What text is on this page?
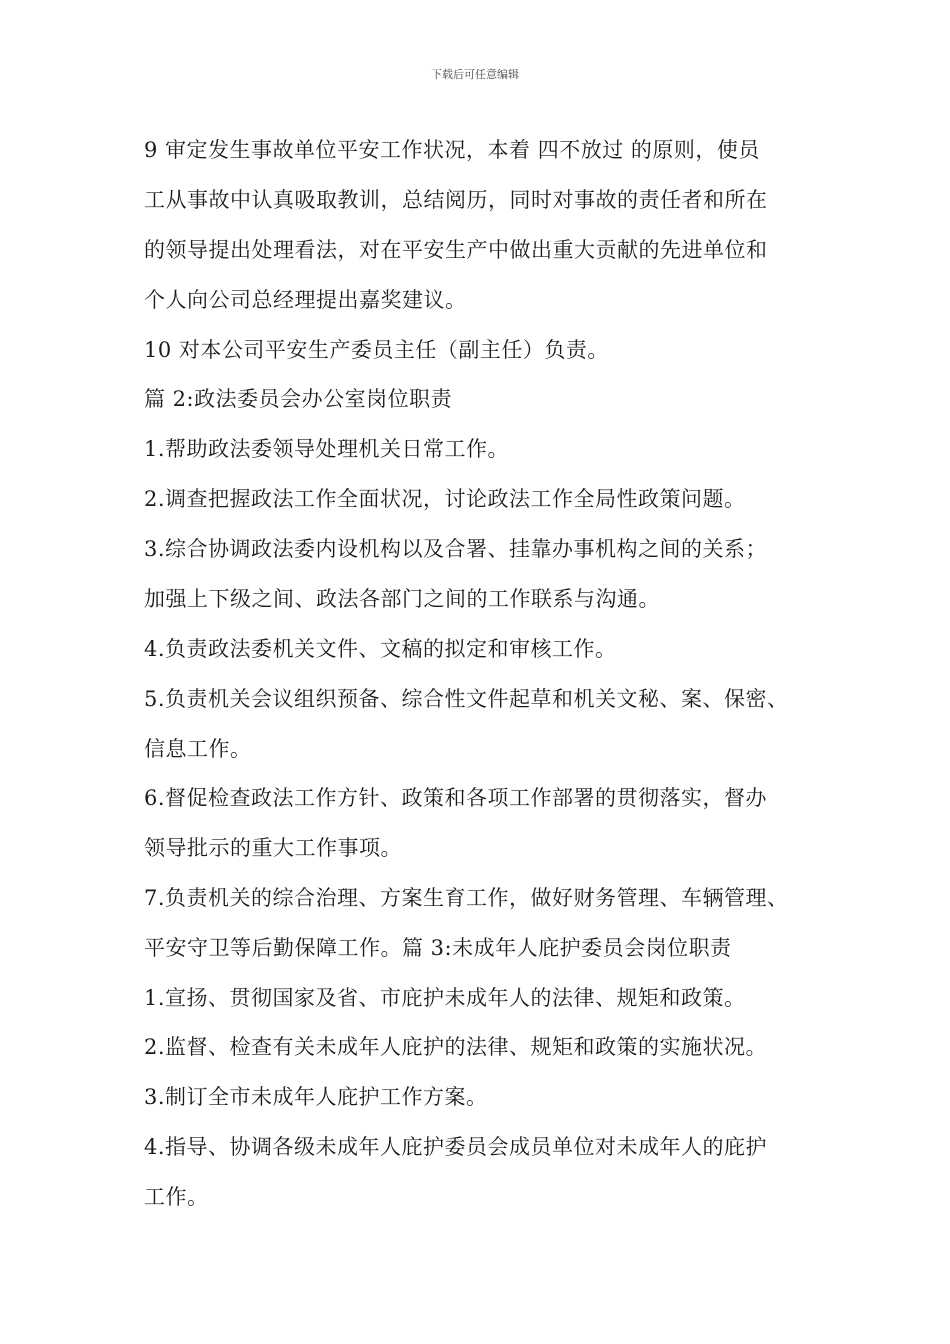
下载后可任意编辑
9 审定发生事故单位平安工作状况，本着 四不放过 的原则，使员
工从事故中认真吸取教训，总结阅历，同时对事故的责任者和所在
的领导提出处理看法，对在平安生产中做出重大贡献的先进单位和
个人向公司总经理提出嘉奖建议。
10 对本公司平安生产委员主任（副主任）负责。
篇 2:政法委员会办公室岗位职责
1.帮助政法委领导处理机关日常工作。
2.调查把握政法工作全面状况，讨论政法工作全局性政策问题。
3.综合协调政法委内设机构以及合署、挂靠办事机构之间的关系；
加强上下级之间、政法各部门之间的工作联系与沟通。
4.负责政法委机关文件、文稿的拟定和审核工作。
5.负责机关会议组织预备、综合性文件起草和机关文秘、案、保密、
信息工作。
6.督促检查政法工作方针、政策和各项工作部署的贯彻落实，督办
领导批示的重大工作事项。
7.负责机关的综合治理、方案生育工作，做好财务管理、车辆管理、
平安守卫等后勤保障工作。篇 3:未成年人庇护委员会岗位职责
1.宣扬、贯彻国家及省、市庇护未成年人的法律、规矩和政策。
2.监督、检查有关未成年人庇护的法律、规矩和政策的实施状况。
3.制订全市未成年人庇护工作方案。
4.指导、协调各级未成年人庇护委员会成员单位对未成年人的庇护
工作。
